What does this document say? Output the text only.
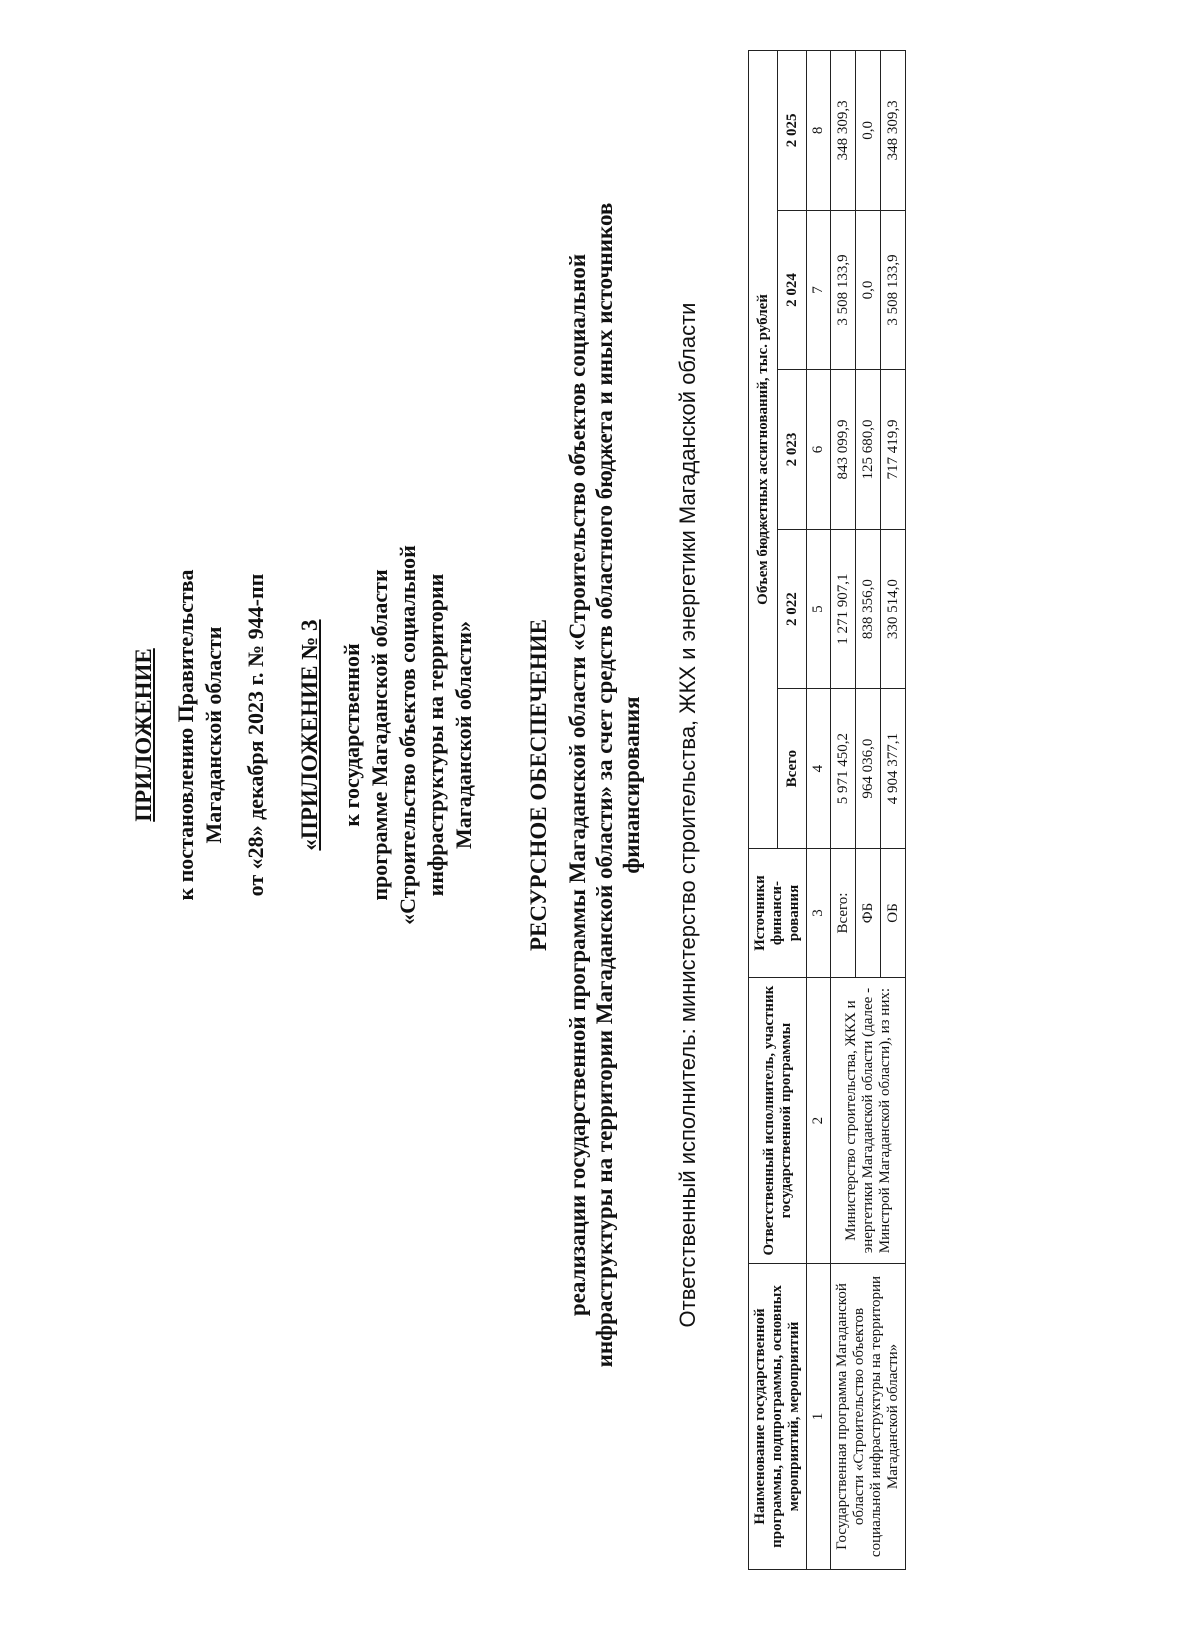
ПРИЛОЖЕНИЕ к постановлению Правительства Магаданской области от «28» декабря 2023 г. № 944-пп «ПРИЛОЖЕНИЕ № 3 к государственной программе Магаданской области «Строительство объектов социальной инфраструктуры на территории Магаданской области» РЕСУРСНОЕ ОБЕСПЕЧЕНИЕ реализации государственной программы Магаданской области «Строительство объектов социальной инфраструктуры на территории Магаданской области» за счет средств областного бюджета и иных источников финансирования Ответственный исполнитель: министерство строительства, ЖКХ и энергетики Магаданской области
Наименование государственной программы, подпрограммы, основных мероприятий, мероприятий	Ответственный исполнитель, участник государственной программы	Источники финанси-рования	Объем бюджетных ассигнований, тыс. рублей				
			Всего	2 022	2 023	2 024	2 025
1	2	3	4	5	6	7	8
Государственная программа Магаданской области «Строительство объектов социальной инфраструктуры на территории Магаданской области»	Министерство строительства, ЖКХ и энергетики Магаданской области (далее - Минстрой Магаданской области), из них:	Всего:	5 971 450,2	1 271 907,1	843 099,9	3 508 133,9	348 309,3
		ФБ	964 036,0	838 356,0	125 680,0	0,0	0,0
		ОБ	4 904 377,1	330 514,0	717 419,9	3 508 133,9	348 309,3
